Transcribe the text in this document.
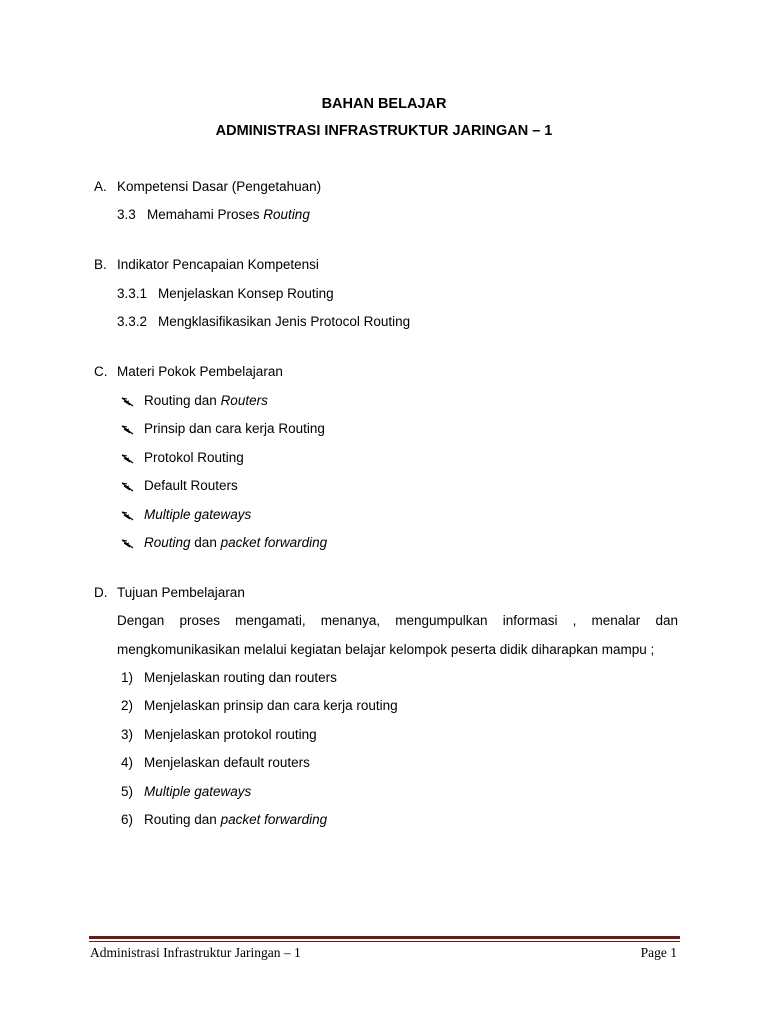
BAHAN BELAJAR
ADMINISTRASI INFRASTRUKTUR JARINGAN – 1
A. Kompetensi Dasar (Pengetahuan)
3.3 Memahami Proses Routing
B. Indikator Pencapaian Kompetensi
3.3.1 Menjelaskan Konsep Routing
3.3.2 Mengklasifikasikan Jenis Protocol Routing
C. Materi Pokok Pembelajaran
Routing dan Routers
Prinsip dan cara kerja Routing
Protokol Routing
Default Routers
Multiple gateways
Routing dan packet forwarding
D. Tujuan Pembelajaran
Dengan proses mengamati, menanya, mengumpulkan informasi , menalar dan
mengkomunikasikan melalui kegiatan belajar kelompok peserta didik diharapkan mampu ;
1) Menjelaskan routing dan routers
2) Menjelaskan prinsip dan cara kerja routing
3) Menjelaskan protokol routing
4) Menjelaskan default routers
5) Multiple gateways
6) Routing dan packet forwarding
Administrasi Infrastruktur Jaringan – 1	Page 1
